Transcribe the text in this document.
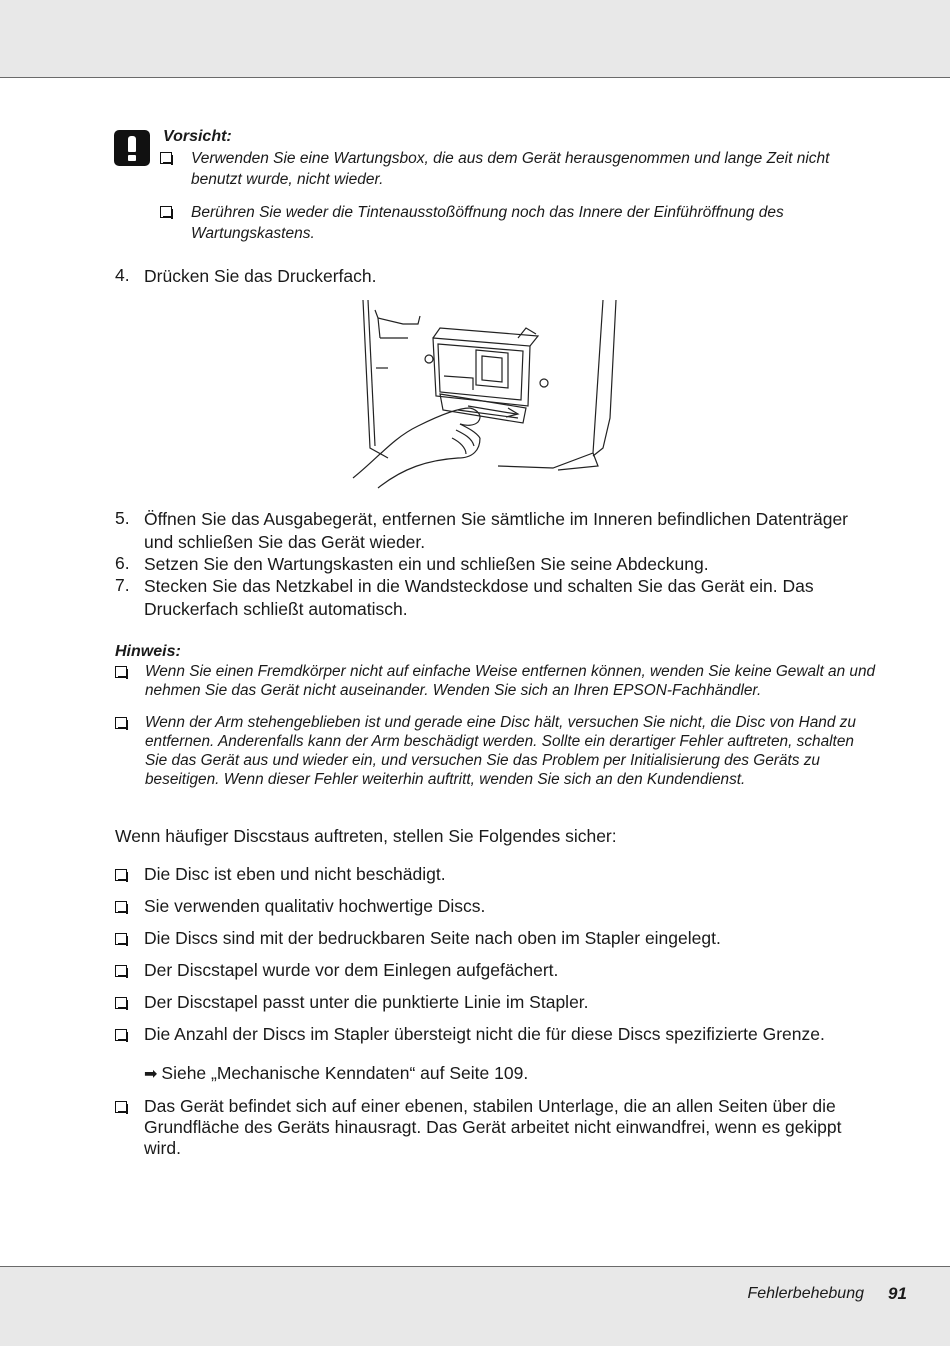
Vorsicht:
Verwenden Sie eine Wartungsbox, die aus dem Gerät herausgenommen und lange Zeit nicht benutzt wurde, nicht wieder.
Berühren Sie weder die Tintenausstoßöffnung noch das Innere der Einführöffnung des Wartungskastens.
4. Drücken Sie das Druckerfach.
5. Öffnen Sie das Ausgabegerät, entfernen Sie sämtliche im Inneren befindlichen Datenträger und schließen Sie das Gerät wieder.
6. Setzen Sie den Wartungskasten ein und schließen Sie seine Abdeckung.
7. Stecken Sie das Netzkabel in die Wandsteckdose und schalten Sie das Gerät ein. Das Druckerfach schließt automatisch.
Hinweis:
Wenn Sie einen Fremdkörper nicht auf einfache Weise entfernen können, wenden Sie keine Gewalt an und nehmen Sie das Gerät nicht auseinander. Wenden Sie sich an Ihren EPSON-Fachhändler.
Wenn der Arm stehengeblieben ist und gerade eine Disc hält, versuchen Sie nicht, die Disc von Hand zu entfernen. Anderenfalls kann der Arm beschädigt werden. Sollte ein derartiger Fehler auftreten, schalten Sie das Gerät aus und wieder ein, und versuchen Sie das Problem per Initialisierung des Geräts zu beseitigen. Wenn dieser Fehler weiterhin auftritt, wenden Sie sich an den Kundendienst.
Wenn häufiger Discstaus auftreten, stellen Sie Folgendes sicher:
Die Disc ist eben und nicht beschädigt.
Sie verwenden qualitativ hochwertige Discs.
Die Discs sind mit der bedruckbaren Seite nach oben im Stapler eingelegt.
Der Discstapel wurde vor dem Einlegen aufgefächert.
Der Discstapel passt unter die punktierte Linie im Stapler.
Die Anzahl der Discs im Stapler übersteigt nicht die für diese Discs spezifizierte Grenze.
➡ Siehe „Mechanische Kenndaten“ auf Seite 109.
Das Gerät befindet sich auf einer ebenen, stabilen Unterlage, die an allen Seiten über die Grundfläche des Geräts hinausragt. Das Gerät arbeitet nicht einwandfrei, wenn es gekippt wird.
Fehlerbehebung 91
